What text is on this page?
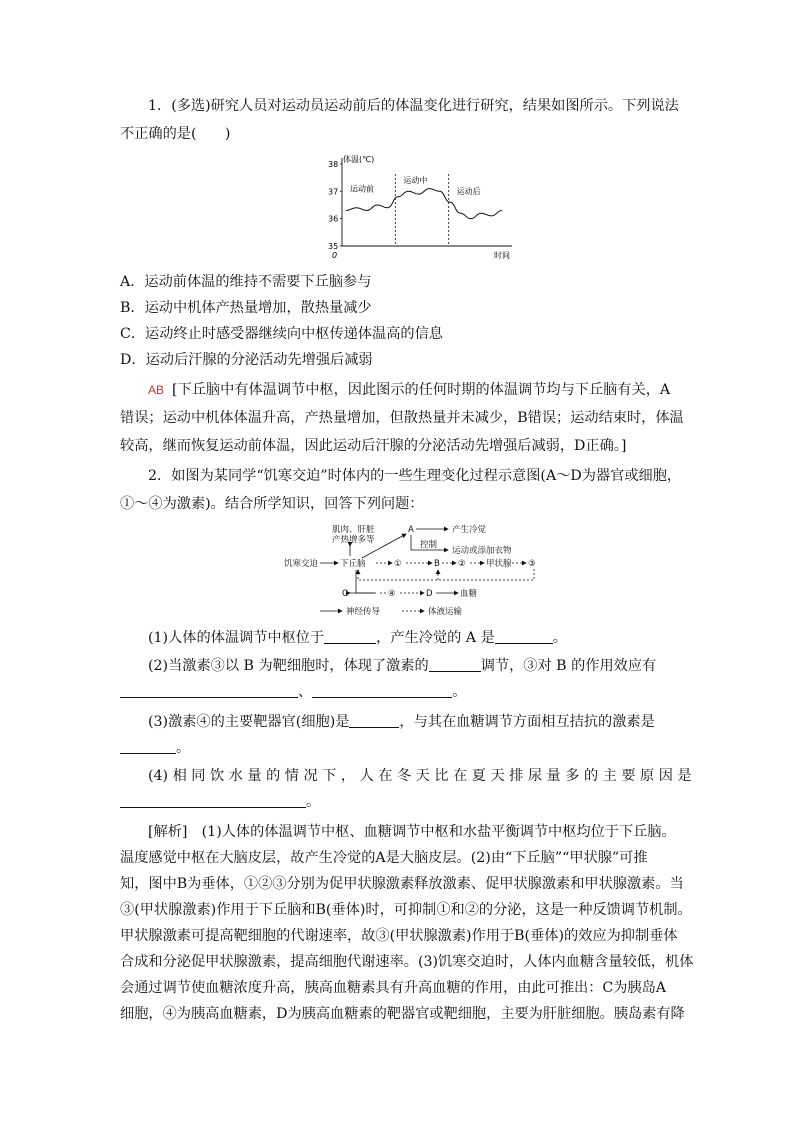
1．(多选)研究人员对运动员运动前后的体温变化进行研究，结果如图所示。下列说法
不正确的是(　　)
体温(℃)
时间
0
35
36
37
38
运动前
运动中
运动后
A．运动前体温的维持不需要下丘脑参与
B．运动中机体产热量增加，散热量减少
C．运动终止时感受器继续向中枢传递体温高的信息
D．运动后汗腺的分泌活动先增强后减弱
AB [下丘脑中有体温调节中枢，因此图示的任何时期的体温调节均与下丘脑有关，A
错误；运动中机体体温升高，产热量增加，但散热量并未减少，B错误；运动结束时，体温
较高，继而恢复运动前体温，因此运动后汗腺的分泌活动先增强后减弱，D正确。]
2．如图为某同学“饥寒交迫”时体内的一些生理变化过程示意图(A～D为器官或细胞，
①～④为激素)。结合所学知识，回答下列问题：
肌肉、肝脏
产热增多等
A	产生冷觉
控制
运动或添加衣物
饥寒交迫	下丘脑	①	B ② 甲状腺 ③
C	④	D	血糖
神经传导	体液运输
(1)人体的体温调节中枢位于	，产生冷觉的 A 是	。
(2)当激素③以 B 为靶细胞时，体现了激素的	调节，③对 B 的作用效应有
、	。
(3)激素④的主要靶器官(细胞)是	，与其在血糖调节方面相互拮抗的激素是
。
(4) 相 同 饮 水 量 的 情 况 下 ， 人 在 冬 天 比 在 夏 天 排 尿 量 多 的 主 要 原 因 是
。
[解析]　(1)人体的体温调节中枢、血糖调节中枢和水盐平衡调节中枢均位于下丘脑。
温度感觉中枢在大脑皮层，故产生冷觉的A是大脑皮层。(2)由“下丘脑”“甲状腺”可推
知，图中B为垂体，①②③分别为促甲状腺激素释放激素、促甲状腺激素和甲状腺激素。当
③(甲状腺激素)作用于下丘脑和B(垂体)时，可抑制①和②的分泌，这是一种反馈调节机制。
甲状腺激素可提高靶细胞的代谢速率，故③(甲状腺激素)作用于B(垂体)的效应为抑制垂体
合成和分泌促甲状腺激素，提高细胞代谢速率。(3)饥寒交迫时，人体内血糖含量较低，机体
会通过调节使血糖浓度升高，胰高血糖素具有升高血糖的作用，由此可推出：C为胰岛A
细胞，④为胰高血糖素，D为胰高血糖素的靶器官或靶细胞，主要为肝脏细胞。胰岛素有降
